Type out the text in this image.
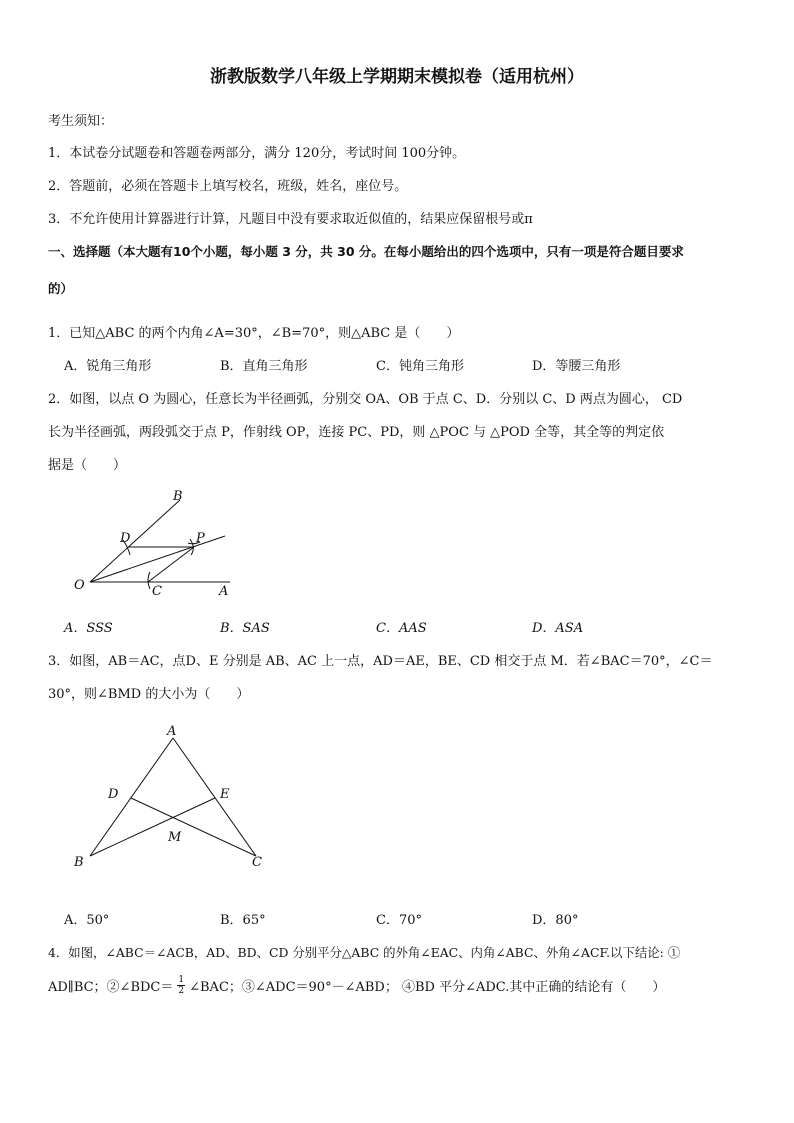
浙教版数学八年级上学期期末模拟卷（适用杭州）
考生须知：
1．本试卷分试题卷和答题卷两部分，满分 120分，考试时间 100分钟。
2．答题前，必须在答题卡上填写校名，班级，姓名，座位号。
3．不允许使用计算器进行计算，凡题目中没有要求取近似值的，结果应保留根号或π
一、选择题（本大题有10个小题，每小题 3 分，共 30 分。在每小题给出的四个选项中，只有一项是符合题目要求
的）
1．已知△ABC 的两个内角∠A=30°，∠B=70°，则△ABC 是（　　）
A．锐角三角形	B．直角三角形	C．钝角三角形	D．等腰三角形
2．如图，以点 O 为圆心，任意长为半径画弧，分别交 OA、OB 于点 C、D．分别以 C、D 两点为圆心， CD
长为半径画弧，两段弧交于点 P，作射线 OP，连接 PC、PD，则 △POC 与 △POD 全等，其全等的判定依
据是（　　）
B
D	P
O	C	A
A．SSS	B．SAS	C．AAS	D．ASA
3．如图，AB＝AC，点D、E 分别是 AB、AC 上一点，AD＝AE，BE、CD 相交于点 M．若∠BAC＝70°，∠C＝
30°，则∠BMD 的大小为（　　）
A
D	E
M
B	C
A．50°	B．65°	C．70°	D．80°
4．如图，∠ABC＝∠ACB，AD、BD、CD 分别平分△ABC 的外角∠EAC、内角∠ABC、外角∠ACF.以下结论: ①
AD∥BC；②∠BDC＝ $\frac{1}{2}$ ∠BAC；③∠ADC＝90°－∠ABD； ④BD 平分∠ADC.其中正确的结论有（　　）
